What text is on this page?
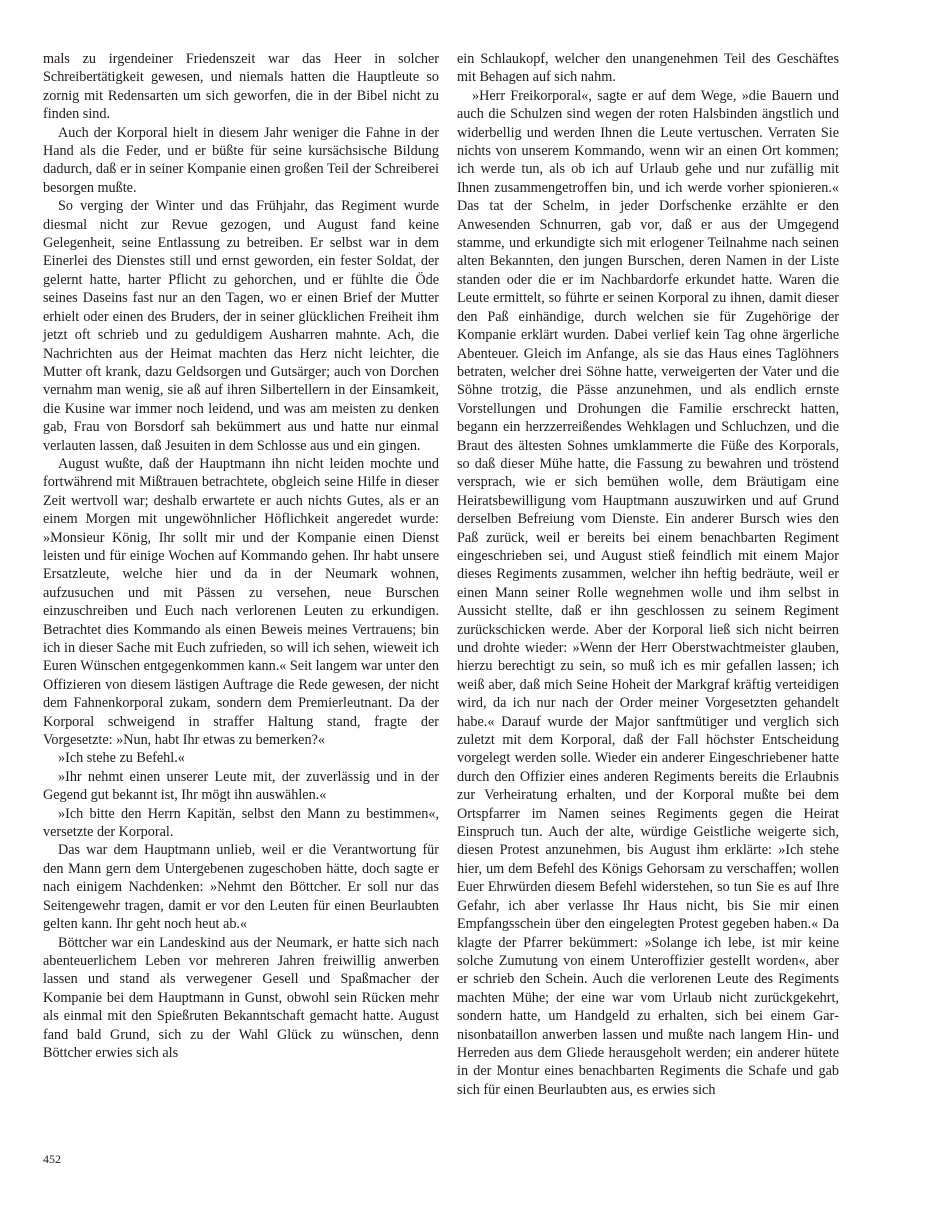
mals zu irgendeiner Friedenszeit war das Heer in solcher Schreibertätigkeit gewesen, und niemals hatten die Hauptleute so zornig mit Redensarten um sich geworfen, die in der Bibel nicht zu finden sind.

Auch der Korporal hielt in diesem Jahr weniger die Fahne in der Hand als die Feder, und er büßte für seine kursächsische Bildung dadurch, daß er in seiner Kompanie einen großen Teil der Schreiberei besorgen mußte.

So verging der Winter und das Frühjahr, das Regiment wurde diesmal nicht zur Revue gezogen, und August fand keine Gelegenheit, seine Entlassung zu betreiben. Er selbst war in dem Einerlei des Dienstes still und ernst geworden, ein fester Soldat, der gelernt hatte, harter Pflicht zu gehorchen, und er fühlte die Öde seines Daseins fast nur an den Tagen, wo er einen Brief der Mutter erhielt oder einen des Bruders, der in seiner glücklichen Freiheit ihm jetzt oft schrieb und zu geduldigem Ausharren mahnte. Ach, die Nachrichten aus der Heimat machten das Herz nicht leichter, die Mutter oft krank, dazu Geldsorgen und Gutsärger; auch von Dorchen vernahm man wenig, sie aß auf ihren Silbertellern in der Einsamkeit, die Kusine war immer noch leidend, und was am meisten zu denken gab, Frau von Borsdorf sah bekümmert aus und hatte nur einmal verlauten lassen, daß Jesuiten in dem Schlosse aus und ein gingen.

August wußte, daß der Hauptmann ihn nicht leiden mochte und fortwährend mit Mißtrauen betrachtete, obgleich seine Hilfe in dieser Zeit wertvoll war; deshalb erwartete er auch nichts Gutes, als er an einem Morgen mit ungewöhnlicher Höflichkeit angeredet wurde: »Monsieur König, Ihr sollt mir und der Kompanie einen Dienst leisten und für einige Wochen auf Kommando gehen. Ihr habt unsere Ersatzleute, welche hier und da in der Neumark wohnen, aufzusuchen und mit Pässen zu versehen, neue Burschen einzuschreiben und Euch nach verlorenen Leuten zu erkundigen. Betrachtet dies Kommando als einen Beweis meines Vertrauens; bin ich in dieser Sache mit Euch zufrieden, so will ich sehen, wieweit ich Euren Wünschen entgegenkommen kann.« Seit langem war unter den Offizieren von diesem lästigen Auftrage die Rede gewesen, der nicht dem Fahnenkorporal zukam, sondern dem Premierleutnant. Da der Korporal schweigend in straffer Haltung stand, fragte der Vorgesetzte: »Nun, habt Ihr etwas zu bemerken?«

»Ich stehe zu Befehl.«

»Ihr nehmt einen unserer Leute mit, der zuverlässig und in der Gegend gut bekannt ist, Ihr mögt ihn auswählen.«

»Ich bitte den Herrn Kapitän, selbst den Mann zu bestimmen«, versetzte der Korporal.

Das war dem Hauptmann unlieb, weil er die Verantwortung für den Mann gern dem Untergebenen zugeschoben hätte, doch sagte er nach einigem Nachdenken: »Nehmt den Böttcher. Er soll nur das Seitengewehr tragen, damit er vor den Leuten für einen Beurlaubten gelten kann. Ihr geht noch heut ab.«

Böttcher war ein Landeskind aus der Neumark, er hatte sich nach abenteuerlichem Leben vor mehreren Jahren freiwillig anwerben lassen und stand als verwegener Gesell und Spaßmacher der Kompanie bei dem Hauptmann in Gunst, obwohl sein Rücken mehr als einmal mit den Spießruten Bekanntschaft gemacht hatte. August fand bald Grund, sich zu der Wahl Glück zu wünschen, denn Böttcher erwies sich als

ein Schlaukopf, welcher den unangenehmen Teil des Geschäftes mit Behagen auf sich nahm.

»Herr Freikorporal«, sagte er auf dem Wege, »die Bauern und auch die Schulzen sind wegen der roten Halsbinden ängstlich und widerbellig und werden Ihnen die Leute vertuschen. Verraten Sie nichts von unserem Kommando, wenn wir an einen Ort kommen; ich werde tun, als ob ich auf Urlaub gehe und nur zufällig mit Ihnen zusammengetroffen bin, und ich werde vorher spionieren.« Das tat der Schelm, in jeder Dorfschenke erzählte er den Anwesenden Schnurren, gab vor, daß er aus der Umgegend stamme, und erkundigte sich mit erlogener Teilnahme nach seinen alten Bekannten, den jungen Burschen, deren Namen in der Liste standen oder die er im Nachbardorfe erkundet hatte. Waren die Leute ermittelt, so führte er seinen Korporal zu ihnen, damit dieser den Paß einhändige, durch welchen sie für Zugehörige der Kompanie erklärt wurden. Dabei verlief kein Tag ohne ärgerliche Abenteuer. Gleich im Anfange, als sie das Haus eines Taglöhners betraten, welcher drei Söhne hatte, verweigerten der Vater und die Söhne trotzig, die Pässe anzunehmen, und als endlich ernste Vorstellungen und Drohungen die Familie erschreckt hatten, begann ein herzzerreißendes Wehklagen und Schluchzen, und die Braut des ältesten Sohnes umklammerte die Füße des Korporals, so daß dieser Mühe hatte, die Fassung zu bewahren und tröstend versprach, wie er sich bemühen wolle, dem Bräutigam eine Heiratsbewilligung vom Hauptmann auszuwirken und auf Grund derselben Befreiung vom Dienste. Ein anderer Bursch wies den Paß zurück, weil er bereits bei einem benachbarten Regiment eingeschrieben sei, und August stieß feindlich mit einem Major dieses Regiments zusammen, welcher ihn heftig bedräute, weil er einen Mann seiner Rolle wegnehmen wolle und ihm selbst in Aussicht stellte, daß er ihn geschlossen zu seinem Regiment zurückschicken werde. Aber der Korporal ließ sich nicht beirren und drohte wieder: »Wenn der Herr Oberstwachtmeister glauben, hierzu berechtigt zu sein, so muß ich es mir gefallen lassen; ich weiß aber, daß mich Seine Hoheit der Markgraf kräftig verteidigen wird, da ich nur nach der Order meiner Vorgesetzten gehandelt habe.« Darauf wurde der Major sanftmütiger und verglich sich zuletzt mit dem Korporal, daß der Fall höchster Entscheidung vorgelegt werden solle. Wieder ein anderer Eingeschriebener hatte durch den Offizier eines anderen Regiments bereits die Erlaubnis zur Verheiratung erhalten, und der Korporal mußte bei dem Ortspfarrer im Namen seines Regiments gegen die Heirat Einspruch tun. Auch der alte, würdige Geistliche weigerte sich, diesen Protest anzunehmen, bis August ihm erklärte: »Ich stehe hier, um dem Befehl des Königs Gehorsam zu verschaffen; wollen Euer Ehrwürden diesem Befehl widerstehen, so tun Sie es auf Ihre Gefahr, ich aber verlasse Ihr Haus nicht, bis Sie mir einen Empfangsschein über den eingelegten Protest gegeben haben.« Da klagte der Pfarrer bekümmert: »Solange ich lebe, ist mir keine solche Zumutung von einem Unteroffizier gestellt worden«, aber er schrieb den Schein. Auch die verlorenen Leute des Regiments machten Mühe; der eine war vom Urlaub nicht zurückgekehrt, sondern hatte, um Handgeld zu erhalten, sich bei einem Garnisonbataillon anwerben lassen und mußte nach langem Hin- und Herreden aus dem Gliede herausgeholt werden; ein anderer hütete in der Montur eines benachbarten Regiments die Schafe und gab sich für einen Beurlaubten aus, es erwies sich

452
